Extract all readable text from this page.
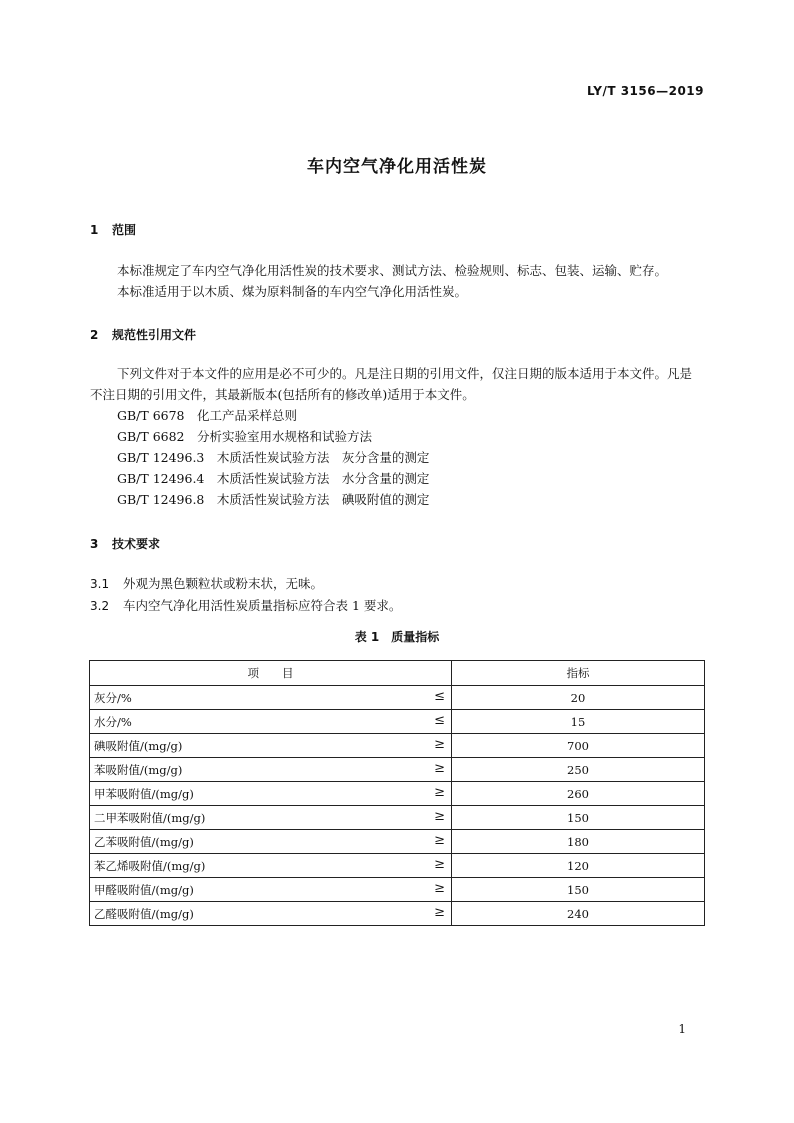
LY/T 3156—2019
车内空气净化用活性炭
1 范围
本标准规定了车内空气净化用活性炭的技术要求、测试方法、检验规则、标志、包装、运输、贮存。
本标准适用于以木质、煤为原料制备的车内空气净化用活性炭。
2 规范性引用文件
下列文件对于本文件的应用是必不可少的。凡是注日期的引用文件，仅注日期的版本适用于本文件。凡是不注日期的引用文件，其最新版本(包括所有的修改单)适用于本文件。
GB/T 6678　化工产品采样总则
GB/T 6682　分析实验室用水规格和试验方法
GB/T 12496.3　木质活性炭试验方法　灰分含量的测定
GB/T 12496.4　木质活性炭试验方法　水分含量的测定
GB/T 12496.8　木质活性炭试验方法　碘吸附值的测定
3 技术要求
3.1 外观为黑色颗粒状或粉末状，无味。
3.2 车内空气净化用活性炭质量指标应符合表 1 要求。
表 1　质量指标
项　　目	指标
灰分/% ≤	20
水分/% ≤	15
碘吸附值/(mg/g) ≥	700
苯吸附值/(mg/g) ≥	250
甲苯吸附值/(mg/g) ≥	260
二甲苯吸附值/(mg/g) ≥	150
乙苯吸附值/(mg/g) ≥	180
苯乙烯吸附值/(mg/g) ≥	120
甲醛吸附值/(mg/g) ≥	150
乙醛吸附值/(mg/g) ≥	240
1
